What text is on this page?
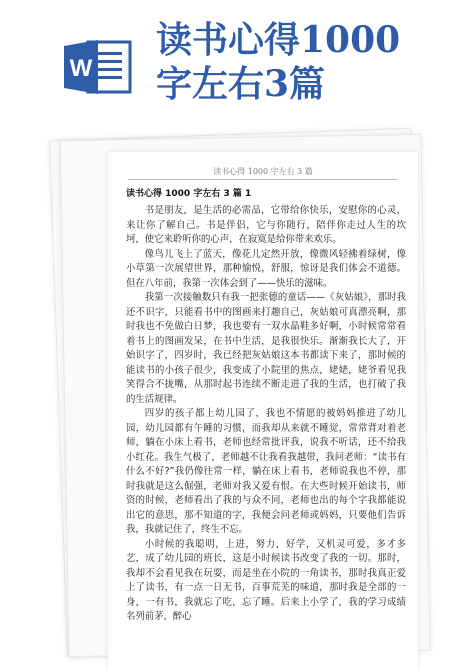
W
读书心得1000
字左右3篇
读书心得 1000 字左右 3 篇
读书心得 1000 字左右 3 篇 1

书是朋友，是生活的必需品，它带给你快乐，安慰你的心灵，来让你了解自己。书是伴侣，它与你随行，陪伴你走过人生的坎坷，使它来聆听你的心声，在寂寞是给你带来欢乐。

像鸟儿飞上了蓝天，像花儿定然开放，像微风轻拂着绿树，像小草第一次展望世界，那种愉悦，舒服，惊讶是我们体会不道德。但在八年前，我第一次体会到了——快乐的滋味。

我第一次接触数只有我一把张德的童话——《灰姑娘》，那时我还不识字，只能看书中的图画来打趣自己，灰姑娘可真漂亮啊，那时我也不免做白日梦，我也要有一双水晶鞋多好啊，小时候常常看着书上的图画发呆，在书中生活，是我很快乐。渐渐我长大了，开始识字了，四岁时，我已经把灰姑娘这本书都读下来了，那时候的能读书的小孩子很少，我变成了小院里的焦点，姥姥，姥爷看见我笑得合不拢嘴，从那时起书连续不断走进了我的生活，也打破了我的生活规律。

四岁的孩子都上幼儿园了，我也不情愿的被妈妈推进了幼儿园，幼儿园都有午睡的习惯，而我却从来就不睡觉，常常背对着老师，躺在小床上看书，老师也经常批评我，说我不听话，还不给我小红花。我生气极了，老师越不让我看我越带，我问老师：“读书有什么不好?”我仍像往常一样，躺在床上看书，老师说我也不停，那时我就是这么倔强，老师对我又爱有恨。在大些时候开始读书，师资的时候，老师看出了我的与众不同，老师也出的每个字我都能说出它的意思，那不知道的字，我便会问老师或妈妈，只要他们告诉我，我就记住了，终生不忘。

小时候的我聪明，上进，努力，好学，又机灵可爱，多才多艺，成了幼儿园的班长，这是小时候读书改变了我的一切。那时，我却不会看见我在玩耍，而是坐在小院的一角读书，那时我真正爱上了读书，有一点一日无书，百事荒芜的味道，那时我是全部的一身，一有书，我就忘了吃，忘了睡。后来上小学了，我的学习成绩名列前茅，醉心
